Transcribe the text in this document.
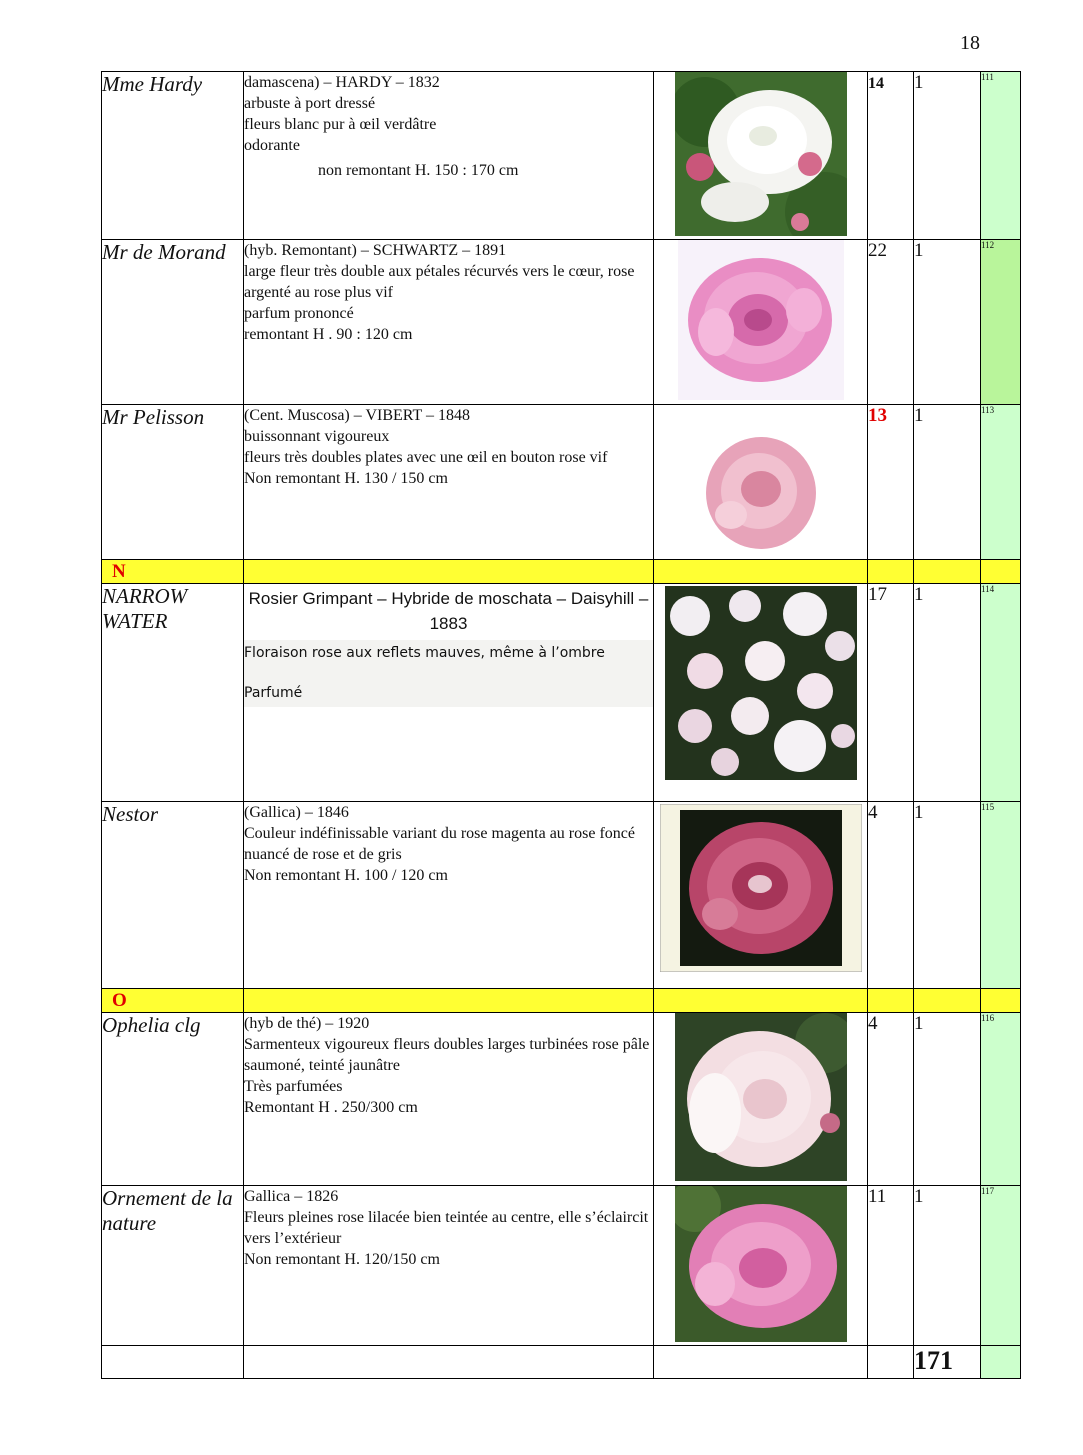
18
Mme Hardy	damascena) – HARDY – 1832
arbuste à port dressé
fleurs blanc pur à œil verdâtre
odorante
non remontant H. 150 : 170 cm		14	1	111
Mr de Morand	(hyb. Remontant) – SCHWARTZ – 1891
large fleur très double aux pétales récurvés vers le cœur, rose argenté au rose plus vif
parfum prononcé
remontant H . 90 : 120 cm		22	1	112
Mr Pelisson	(Cent. Muscosa) – VIBERT – 1848
buissonnant vigoureux
fleurs très doubles plates avec une œil en bouton rose vif
Non remontant H. 130 / 150 cm		13	1	113
N					
NARROW WATER	Rosier Grimpant – Hybride de moschata – Daisyhill – 1883
Floraison rose aux reflets mauves, même à l’ombre
Parfumé		17	1	114
Nestor	(Gallica) – 1846
Couleur indéfinissable variant du rose magenta au rose foncé nuancé de rose et de gris
Non remontant H. 100 / 120 cm		4	1	115
O					
Ophelia clg	(hyb de thé) – 1920
Sarmenteux vigoureux fleurs doubles larges turbinées rose pâle saumoné, teinté jaunâtre
Très parfumées
Remontant H . 250/300 cm		4	1	116
Ornement de la nature	Gallica – 1826
Fleurs pleines rose lilacée bien teintée au centre, elle s’éclaircit vers l’extérieur
Non remontant H. 120/150 cm		11	1	117
				171	
